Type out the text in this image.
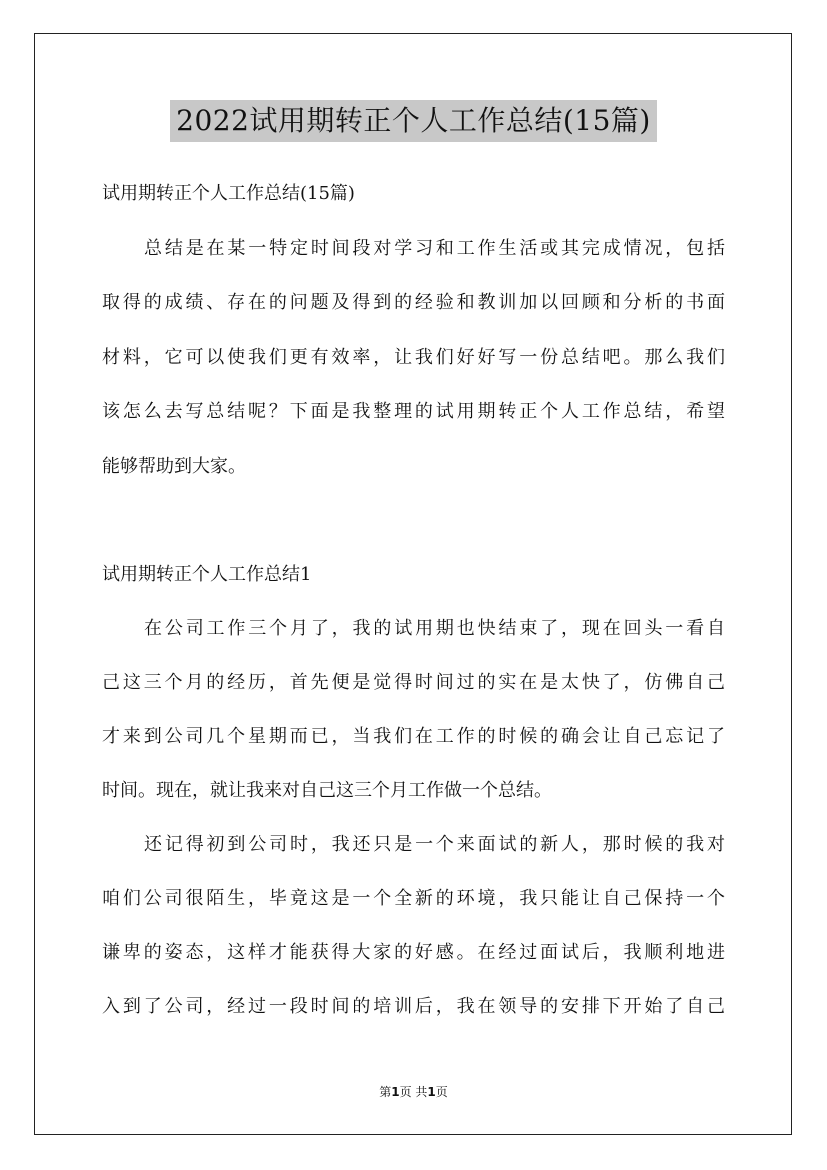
2022试用期转正个人工作总结(15篇)
试用期转正个人工作总结(15篇)
总结是在某一特定时间段对学习和工作生活或其完成情况，包括
取得的成绩、存在的问题及得到的经验和教训加以回顾和分析的书面
材料，它可以使我们更有效率，让我们好好写一份总结吧。那么我们
该怎么去写总结呢？下面是我整理的试用期转正个人工作总结，希望
能够帮助到大家。
试用期转正个人工作总结1
在公司工作三个月了，我的试用期也快结束了，现在回头一看自
己这三个月的经历，首先便是觉得时间过的实在是太快了，仿佛自己
才来到公司几个星期而已，当我们在工作的时候的确会让自己忘记了
时间。现在，就让我来对自己这三个月工作做一个总结。
还记得初到公司时，我还只是一个来面试的新人，那时候的我对
咱们公司很陌生，毕竟这是一个全新的环境，我只能让自己保持一个
谦卑的姿态，这样才能获得大家的好感。在经过面试后，我顺利地进
入到了公司，经过一段时间的培训后，我在领导的安排下开始了自己
第1页 共1页
